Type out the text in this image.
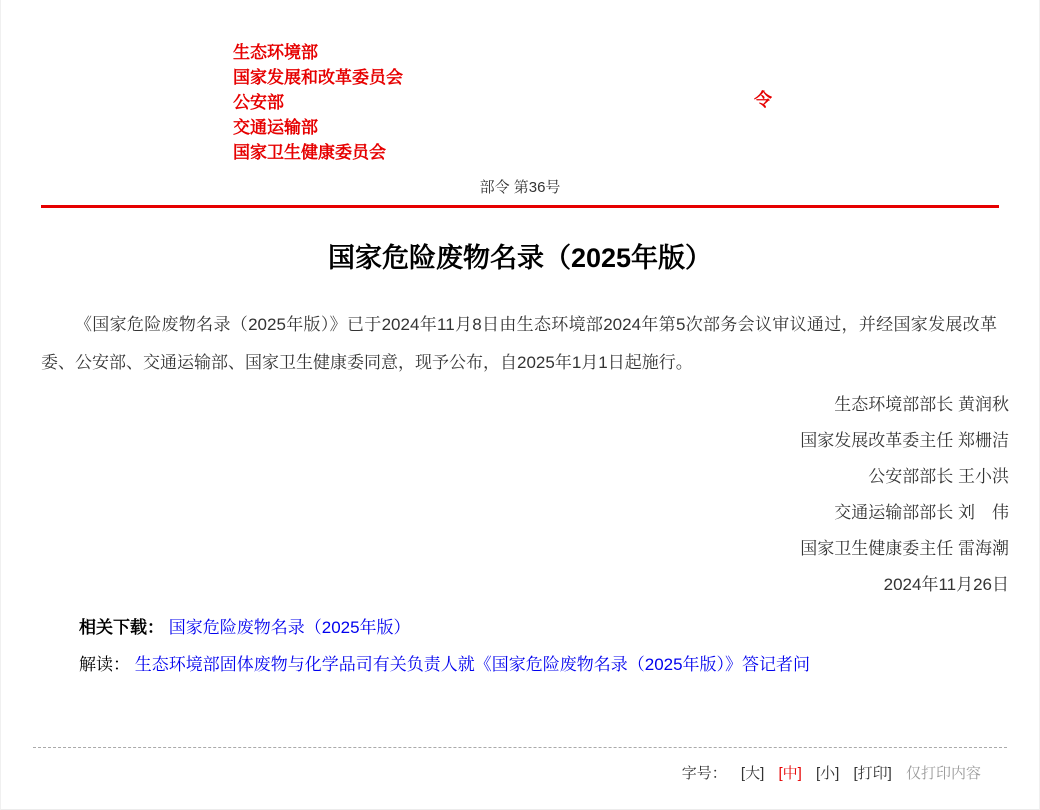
生态环境部
国家发展和改革委员会
公安部
交通运输部
国家卫生健康委员会
令
部令 第36号
国家危险废物名录（2025年版）

《国家危险废物名录（2025年版）》已于2024年11月8日由生态环境部2024年第5次部务会议审议通过，并经国家发展改革委、公安部、交通运输部、国家卫生健康委同意，现予公布，自2025年1月1日起施行。

生态环境部部长 黄润秋
国家发展改革委主任 郑栅洁
公安部部长 王小洪
交通运输部部长 刘　伟
国家卫生健康委主任 雷海潮
2024年11月26日
相关下载： 国家危险废物名录（2025年版）
解读： 生态环境部固体废物与化学品司有关负责人就《国家危险废物名录（2025年版）》答记者问
字号： [大] [中] [小] [打印] 仅打印内容
